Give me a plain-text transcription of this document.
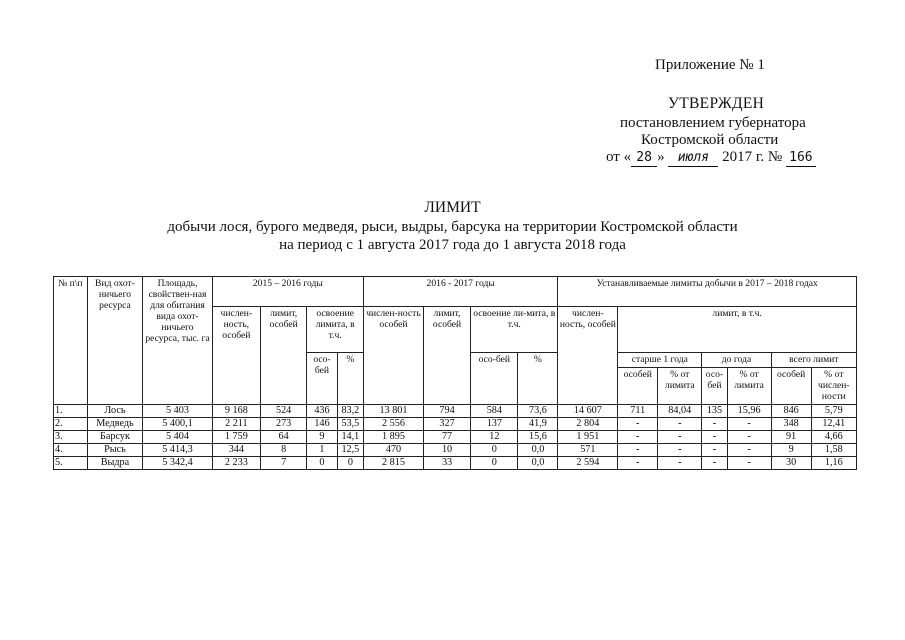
Приложение № 1
УТВЕРЖДЕН
постановлением губернатора
Костромской области
от « 28 » июля 2017 г. № 166
ЛИМИТ
добычи лося, бурого медведя, рыси, выдры, барсука на территории Костромской области
на период с 1 августа 2017 года до 1 августа 2018 года
№ п\п	Вид охот-ничьего ресурса	Площадь, свойствен-ная для обитания вида охот-ничьего ресурса, тыс. га	2015 – 2016 годы				2016 - 2017 годы				Устанавливаемые лимиты добычи в 2017 – 2018 годах						
			числен-ность, особей	лимит, особей	освоение лимита, в т.ч.		числен-ность особей	лимит, особей	освоение ли-мита, в т.ч.		числен-ность, особей	лимит, в т.ч.					
					осо-бей	%			осо-бей	%		старше 1 года		до года		всего лимит	
												особей	% от лимита	осо-бей	% от лимита	особей	% от числен-ности
1.	Лось	5 403	9 168	524	436	83,2	13 801	794	584	73,6	14 607	711	84,04	135	15,96	846	5,79
2.	Медведь	5 400,1	2 211	273	146	53,5	2 556	327	137	41,9	2 804	-	-	-	-	348	12,41
3.	Барсук	5 404	1 759	64	9	14,1	1 895	77	12	15,6	1 951	-	-	-	-	91	4,66
4.	Рысь	5 414,3	344	8	1	12,5	470	10	0	0,0	571	-	-	-	-	9	1,58
5.	Выдра	5 342,4	2 233	7	0	0	2 815	33	0	0,0	2 594	-	-	-	-	30	1,16
